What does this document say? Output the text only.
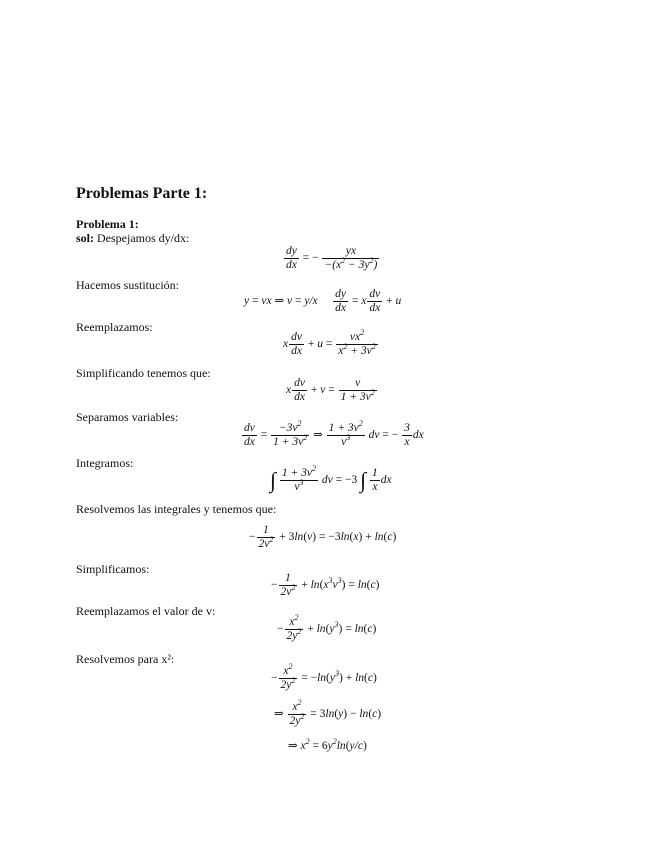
Problemas Parte 1:
Problema 1:
sol: Despejamos dy/dx:
$\frac{dy}{dx}$ = − $\frac{yx}{-(x^2 - 3y^2)}$
Hacemos sustitución:
y = vx ⇒ $v = y/x \frac{dy}{dx} = x \frac{dv}{dx} + u$
Reemplazamos:
x $\frac{dv}{dx} + u = \frac{vx^2}{x^2 + 3v^2}$
Simplificando tenemos que:
x $\frac{dv}{dx} + v = \frac{v}{1 + 3v^2}$
Separamos variables:
$\frac{dv}{dx} = \frac{-3v^2}{1 + 3v^2}$ ⇒ $\frac{1 + 3v^2}{v^3}$ dv = − $\frac{3}{x}$ dx
Integramos:
∫ $\frac{1 + 3v^2}{v^3}$ dv = −3 ∫ $\frac{1}{x}$ dx
Resolvemos las integrales y tenemos que:
− $\frac{1}{2v^2} + 3\ln(v) = -3\ln(x) + \ln(c)$
Simplificamos:
− $\frac{1}{2v^2} + \ln(x^3v^3) = \ln(c)$
Reemplazamos el valor de v:
− $\frac{x^2}{2y^2} + \ln(y^3) = \ln(c)$
Resolvemos para x²:
− $\frac{x^2}{2y^2} = -\ln(y^3) + \ln(c)$
⇒ $\frac{x^2}{2y^2} = 3\ln(y) - \ln(c)$
⇒ $x^2 = 6y^2\ln(y/c)$
